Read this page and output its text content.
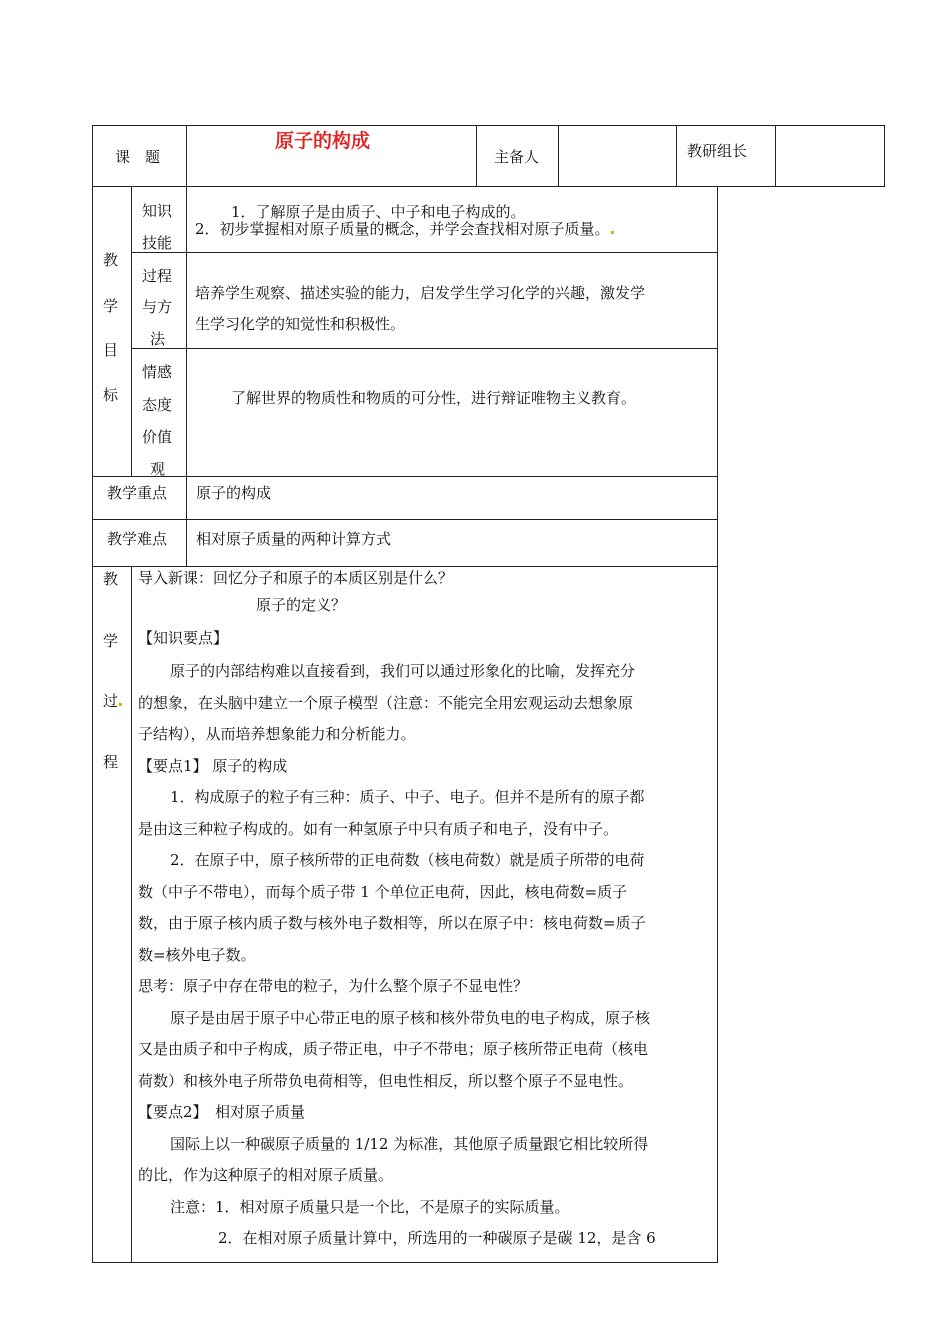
课　题
原子的构成
主备人	教研组长
教
学
目
标
知识
技能
1．了解原子是由质子、中子和电子构成的。
2．初步掌握相对原子质量的概念，并学会查找相对原子质量。
过程
与方
法
培养学生观察、描述实验的能力，启发学生学习化学的兴趣，激发学
生学习化学的知觉性和积极性。
情感
态度
价值
观
了解世界的物质性和物质的可分性，进行辩证唯物主义教育。
教学重点 原子的构成
教学难点 相对原子质量的两种计算方式
教
学
过
程

导入新课：回忆分子和原子的本质区别是什么？

原子的定义？

【知识要点】

原子的内部结构难以直接看到，我们可以通过形象化的比喻，发挥充分

的想象，在头脑中建立一个原子模型（注意：不能完全用宏观运动去想象原

子结构），从而培养想象能力和分析能力。

【要点1】 原子的构成

1．构成原子的粒子有三种：质子、中子、电子。但并不是所有的原子都

是由这三种粒子构成的。如有一种氢原子中只有质子和电子，没有中子。

2．在原子中，原子核所带的正电荷数（核电荷数）就是质子所带的电荷

数（中子不带电），而每个质子带 1 个单位正电荷，因此，核电荷数=质子

数，由于原子核内质子数与核外电子数相等，所以在原子中：核电荷数=质子

数=核外电子数。

思考：原子中存在带电的粒子，为什么整个原子不显电性？

原子是由居于原子中心带正电的原子核和核外带负电的电子构成，原子核

又是由质子和中子构成，质子带正电，中子不带电；原子核所带正电荷（核电

荷数）和核外电子所带负电荷相等，但电性相反，所以整个原子不显电性。

【要点2】　相对原子质量

国际上以一种碳原子质量的 1/12 为标准，其他原子质量跟它相比较所得

的比，作为这种原子的相对原子质量。

注意：1．相对原子质量只是一个比，不是原子的实际质量。

2．在相对原子质量计算中，所选用的一种碳原子是碳 12，是含 6
